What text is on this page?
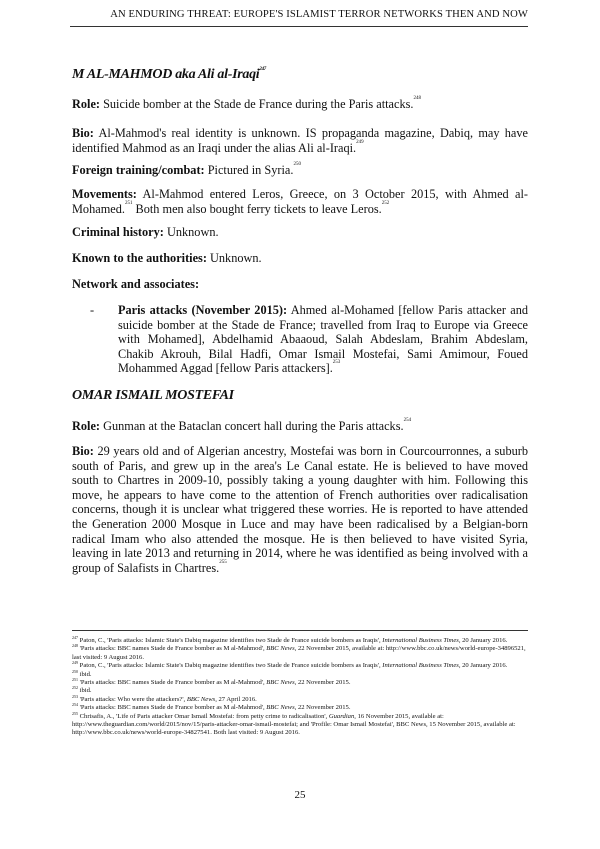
AN ENDURING THREAT: EUROPE'S ISLAMIST TERROR NETWORKS THEN AND NOW
M AL-MAHMOD aka Ali al-Iraqi$^{247}$
Role: Suicide bomber at the Stade de France during the Paris attacks.$^{248}$
Bio: Al-Mahmod's real identity is unknown. IS propaganda magazine, Dabiq, may have identified Mahmod as an Iraqi under the alias Ali al-Iraqi.$^{249}$
Foreign training/combat: Pictured in Syria.$^{250}$
Movements: Al-Mahmod entered Leros, Greece, on 3 October 2015, with Ahmed al-Mohamed.$^{251}$ Both men also bought ferry tickets to leave Leros.$^{252}$
Criminal history: Unknown.
Known to the authorities: Unknown.
Network and associates:
- Paris attacks (November 2015): Ahmed al-Mohamed [fellow Paris attacker and suicide bomber at the Stade de France; travelled from Iraq to Europe via Greece with Mohamed], Abdelhamid Abaaoud, Salah Abdeslam, Brahim Abdeslam, Chakib Akrouh, Bilal Hadfi, Omar Ismail Mostefai, Sami Amimour, Foued Mohammed Aggad [fellow Paris attackers].$^{253}$
OMAR ISMAIL MOSTEFAI
Role: Gunman at the Bataclan concert hall during the Paris attacks.$^{254}$
Bio: 29 years old and of Algerian ancestry, Mostefai was born in Courcourronnes, a suburb south of Paris, and grew up in the area's Le Canal estate. He is believed to have moved south to Chartres in 2009-10, possibly taking a young daughter with him. Following this move, he appears to have come to the attention of French authorities over radicalisation concerns, though it is unclear what triggered these worries. He is reported to have attended the Generation 2000 Mosque in Luce and may have been radicalised by a Belgian-born radical Imam who also attended the mosque. He is then believed to have visited Syria, leaving in late 2013 and returning in 2014, where he was identified as being involved with a group of Salafists in Chartres.$^{255}$
$^{247}$ Paton, C., 'Paris attacks: Islamic State's Dabiq magazine identifies two Stade de France suicide bombers as Iraqis', International Business Times, 20 January 2016.
$^{248}$ 'Paris attacks: BBC names Stade de France bomber as M al-Mahmod', BBC News, 22 November 2015, available at: http://www.bbc.co.uk/news/world-europe-34896521, last visited: 9 August 2016.
$^{249}$ Paton, C., 'Paris attacks: Islamic State's Dabiq magazine identifies two Stade de France suicide bombers as Iraqis', International Business Times, 20 January 2016.
$^{250}$ ibid.
$^{251}$ 'Paris attacks: BBC names Stade de France bomber as M al-Mahmod', BBC News, 22 November 2015.
$^{252}$ ibid.
$^{253}$ 'Paris attacks: Who were the attackers?', BBC News, 27 April 2016.
$^{254}$ 'Paris attacks: BBC names Stade de France bomber as M al-Mahmod', BBC News, 22 November 2015.
$^{255}$ Chrisafis, A., 'Life of Paris attacker Omar Ismail Mostefai: from petty crime to radicalisation', Guardian, 16 November 2015, available at: http://www.theguardian.com/world/2015/nov/15/paris-attacker-omar-ismail-mostefai; and 'Profile: Omar Ismail Mostefai', BBC News, 15 November 2015, available at: http://www.bbc.co.uk/news/world-europe-34827541. Both last visited: 9 August 2016.
25
